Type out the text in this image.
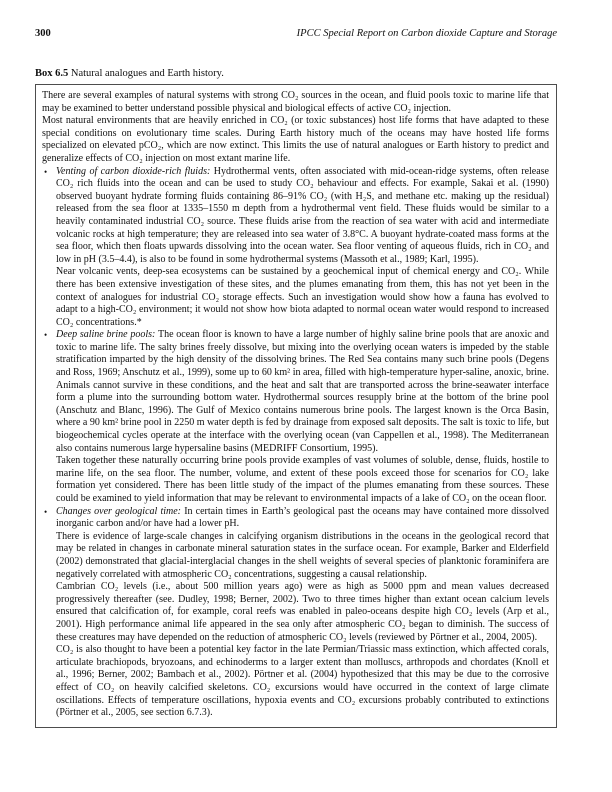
300	IPCC Special Report on Carbon dioxide Capture and Storage
Box 6.5 Natural analogues and Earth history.

There are several examples of natural systems with strong CO₂ sources in the ocean, and fluid pools toxic to marine life that may be examined to better understand possible physical and biological effects of active CO₂ injection.

Most natural environments that are heavily enriched in CO₂ (or toxic substances) host life forms that have adapted to these special conditions on evolutionary time scales. During Earth history much of the oceans may have hosted life forms specialized on elevated pCO₂, which are now extinct. This limits the use of natural analogues or Earth history to predict and generalize effects of CO₂ injection on most extant marine life.

• Venting of carbon dioxide-rich fluids: Hydrothermal vents, often associated with mid-ocean-ridge systems, often release CO₂ rich fluids into the ocean and can be used to study CO₂ behaviour and effects. For example, Sakai et al. (1990) observed buoyant hydrate forming fluids containing 86–91% CO₂ (with H₂S, and methane etc. making up the residual) released from the sea floor at 1335–1550 m depth from a hydrothermal vent field. These fluids would be similar to a heavily contaminated industrial CO₂ source. These fluids arise from the reaction of sea water with acid and intermediate volcanic rocks at high temperature; they are released into sea water of 3.8°C. A buoyant hydrate-coated mass forms at the sea floor, which then floats upwards dissolving into the ocean water. Sea floor venting of aqueous fluids, rich in CO₂ and low in pH (3.5–4.4), is also to be found in some hydrothermal systems (Massoth et al., 1989; Karl, 1995).

Near volcanic vents, deep-sea ecosystems can be sustained by a geochemical input of chemical energy and CO₂. While there has been extensive investigation of these sites, and the plumes emanating from them, this has not yet been in the context of analogues for industrial CO₂ storage effects. Such an investigation would show how a fauna has evolved to adapt to a high-CO₂ environment; it would not show how biota adapted to normal ocean water would respond to increased CO₂ concentrations.*

• Deep saline brine pools: The ocean floor is known to have a large number of highly saline brine pools that are anoxic and toxic to marine life. The salty brines freely dissolve, but mixing into the overlying ocean waters is impeded by the stable stratification imparted by the high density of the dissolving brines. The Red Sea contains many such brine pools (Degens and Ross, 1969; Anschutz et al., 1999), some up to 60 km² in area, filled with high-temperature hyper-saline, anoxic, brine. Animals cannot survive in these conditions, and the heat and salt that are transported across the brine-seawater interface form a plume into the surrounding bottom water. Hydrothermal sources resupply brine at the bottom of the brine pool (Anschutz and Blanc, 1996). The Gulf of Mexico contains numerous brine pools. The largest known is the Orca Basin, where a 90 km² brine pool in 2250 m water depth is fed by drainage from exposed salt deposits. The salt is toxic to life, but biogeochemical cycles operate at the interface with the overlying ocean (van Cappellen et al., 1998). The Mediterranean also contains numerous large hypersaline basins (MEDRIFF Consortium, 1995).

Taken together these naturally occurring brine pools provide examples of vast volumes of soluble, dense, fluids, hostile to marine life, on the sea floor. The number, volume, and extent of these pools exceed those for scenarios for CO₂ lake formation yet considered. There has been little study of the impact of the plumes emanating from these sources. These could be examined to yield information that may be relevant to environmental impacts of a lake of CO₂ on the ocean floor.

• Changes over geological time: In certain times in Earth’s geological past the oceans may have contained more dissolved inorganic carbon and/or have had a lower pH.

There is evidence of large-scale changes in calcifying organism distributions in the oceans in the geological record that may be related in changes in carbonate mineral saturation states in the surface ocean. For example, Barker and Elderfield (2002) demonstrated that glacial-interglacial changes in the shell weights of several species of planktonic foraminifera are negatively correlated with atmospheric CO₂ concentrations, suggesting a causal relationship.

Cambrian CO₂ levels (i.e., about 500 million years ago) were as high as 5000 ppm and mean values decreased progressively thereafter (see. Dudley, 1998; Berner, 2002). Two to three times higher than extant ocean calcium levels ensured that calcification of, for example, coral reefs was enabled in paleo-oceans despite high CO₂ levels (Arp et al., 2001). High performance animal life appeared in the sea only after atmospheric CO₂ began to diminish. The success of these creatures may have depended on the reduction of atmospheric CO₂ levels (reviewed by Pörtner et al., 2004, 2005).

CO₂ is also thought to have been a potential key factor in the late Permian/Triassic mass extinction, which affected corals, articulate brachiopods, bryozoans, and echinoderms to a larger extent than molluscs, arthropods and chordates (Knoll et al., 1996; Berner, 2002; Bambach et al., 2002). Pörtner et al. (2004) hypothesized that this may be due to the corrosive effect of CO₂ on heavily calcified skeletons. CO₂ excursions would have occurred in the context of large climate oscillations. Effects of temperature oscillations, hypoxia events and CO₂ excursions probably contributed to extinctions (Pörtner et al., 2005, see section 6.7.3).
